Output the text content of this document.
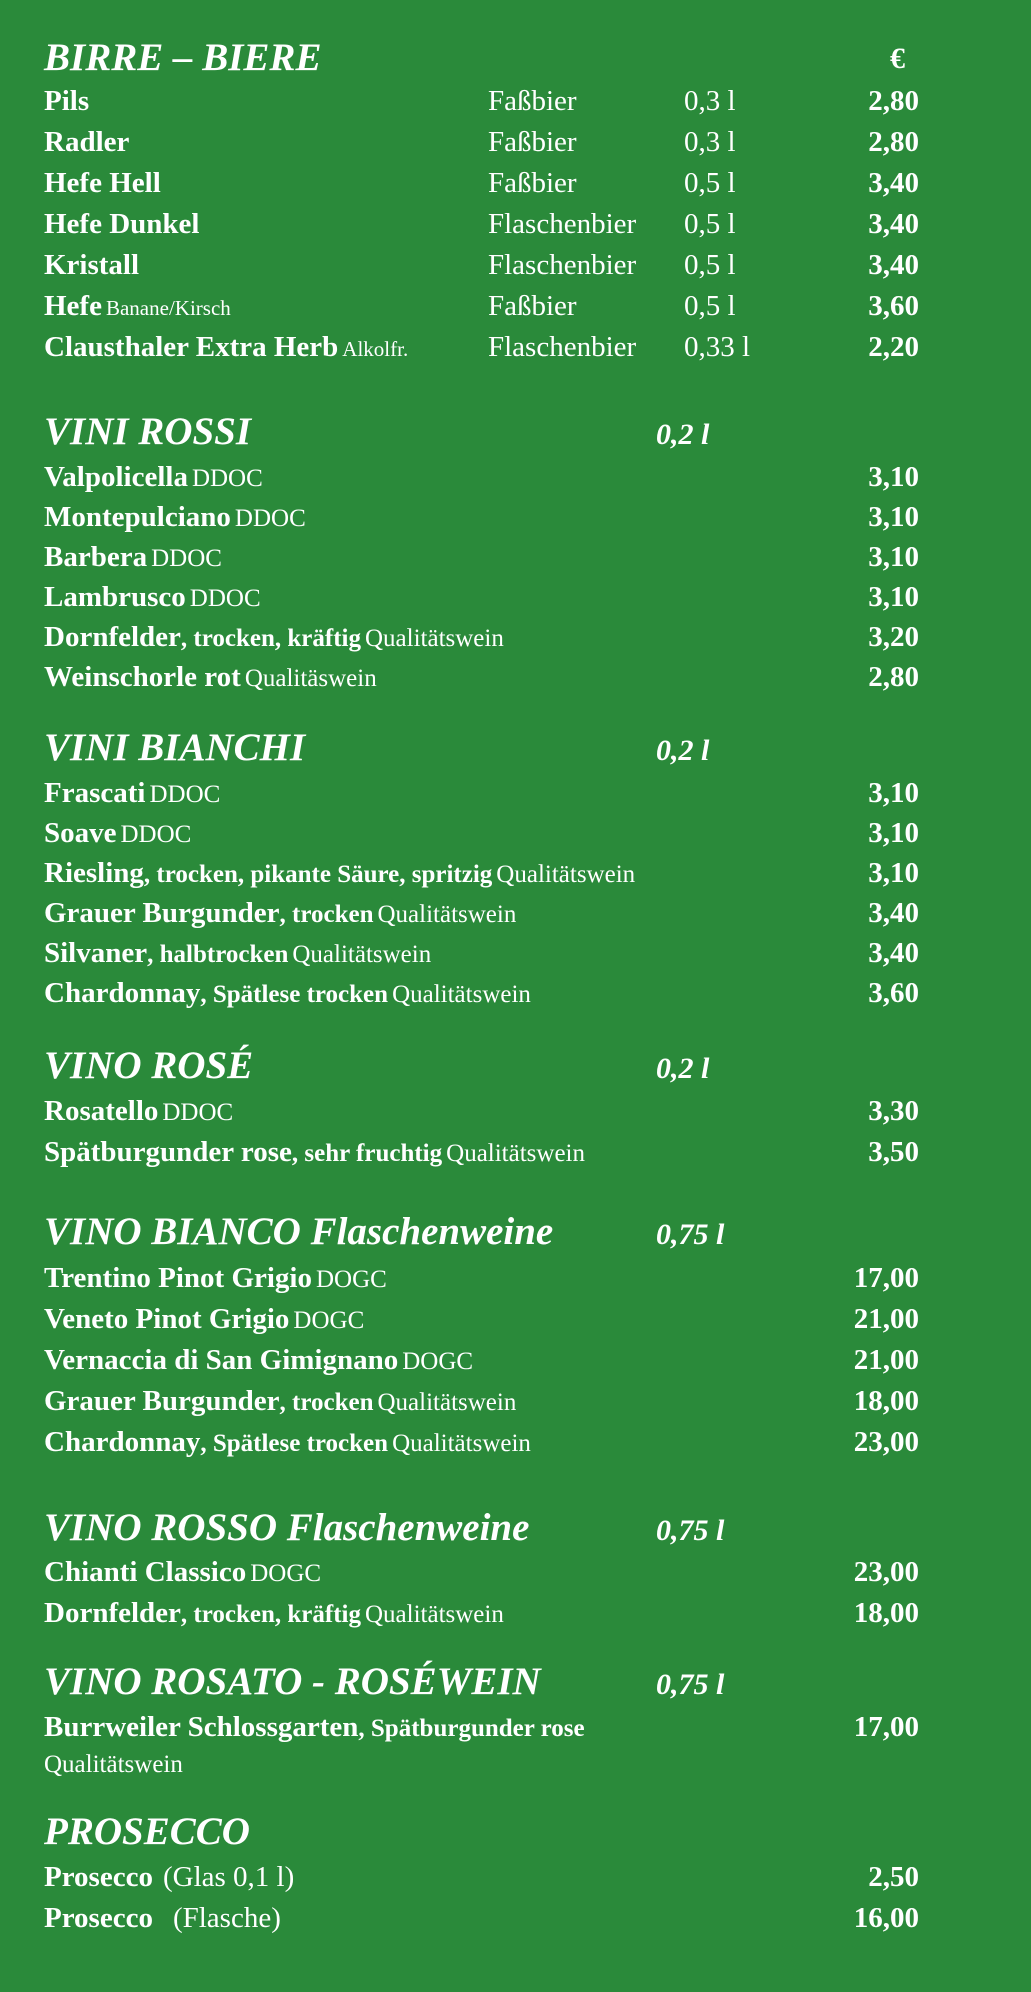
BIRRE – BIERE	€
Pils	Faßbier	0,3 l	2,80
Radler	Faßbier	0,3 l	2,80
Hefe Hell	Faßbier	0,5 l	3,40
Hefe Dunkel	Flaschenbier 0,5 l	3,40
Kristall	Flaschenbier 0,5 l	3,40
Hefe Banane/Kirsch	Faßbier	0,5 l	3,60
Clausthaler Extra Herb Alkolfr.	Flaschenbier 0,33 l	2,20
VINI ROSSI	0,2 l
Valpolicella DDOC	3,10
Montepulciano DDOC	3,10
Barbera DDOC	3,10
Lambrusco DDOC	3,10
Dornfelder, trocken, kräftig Qualitätswein	3,20
Weinschorle rot Qualitäswein	2,80
VINI BIANCHI	0,2 l
Frascati DDOC	3,10
Soave DDOC	3,10
Riesling, trocken, pikante Säure, spritzig Qualitätswein	3,10
Grauer Burgunder, trocken Qualitätswein	3,40
Silvaner, halbtrocken Qualitätswein	3,40
Chardonnay, Spätlese trocken Qualitätswein	3,60
VINO ROSÉ	0,2 l
Rosatello DDOC	3,30
Spätburgunder rose, sehr fruchtig Qualitätswein	3,50
VINO BIANCO Flaschenweine	0,75 l
Trentino Pinot Grigio DOGC	17,00
Veneto Pinot Grigio DOGC	21,00
Vernaccia di San Gimignano DOGC	21,00
Grauer Burgunder, trocken Qualitätswein	18,00
Chardonnay, Spätlese trocken Qualitätswein	23,00
VINO ROSSO Flaschenweine	0,75 l
Chianti Classico DOGC	23,00
Dornfelder, trocken, kräftig Qualitätswein	18,00
VINO ROSATO - ROSÉWEIN	0,75 l
Burrweiler Schlossgarten, Spätburgunder rose	17,00
Qualitätswein
PROSECCO
Prosecco (Glas 0,1 l)	2,50
Prosecco (Flasche)	16,00
